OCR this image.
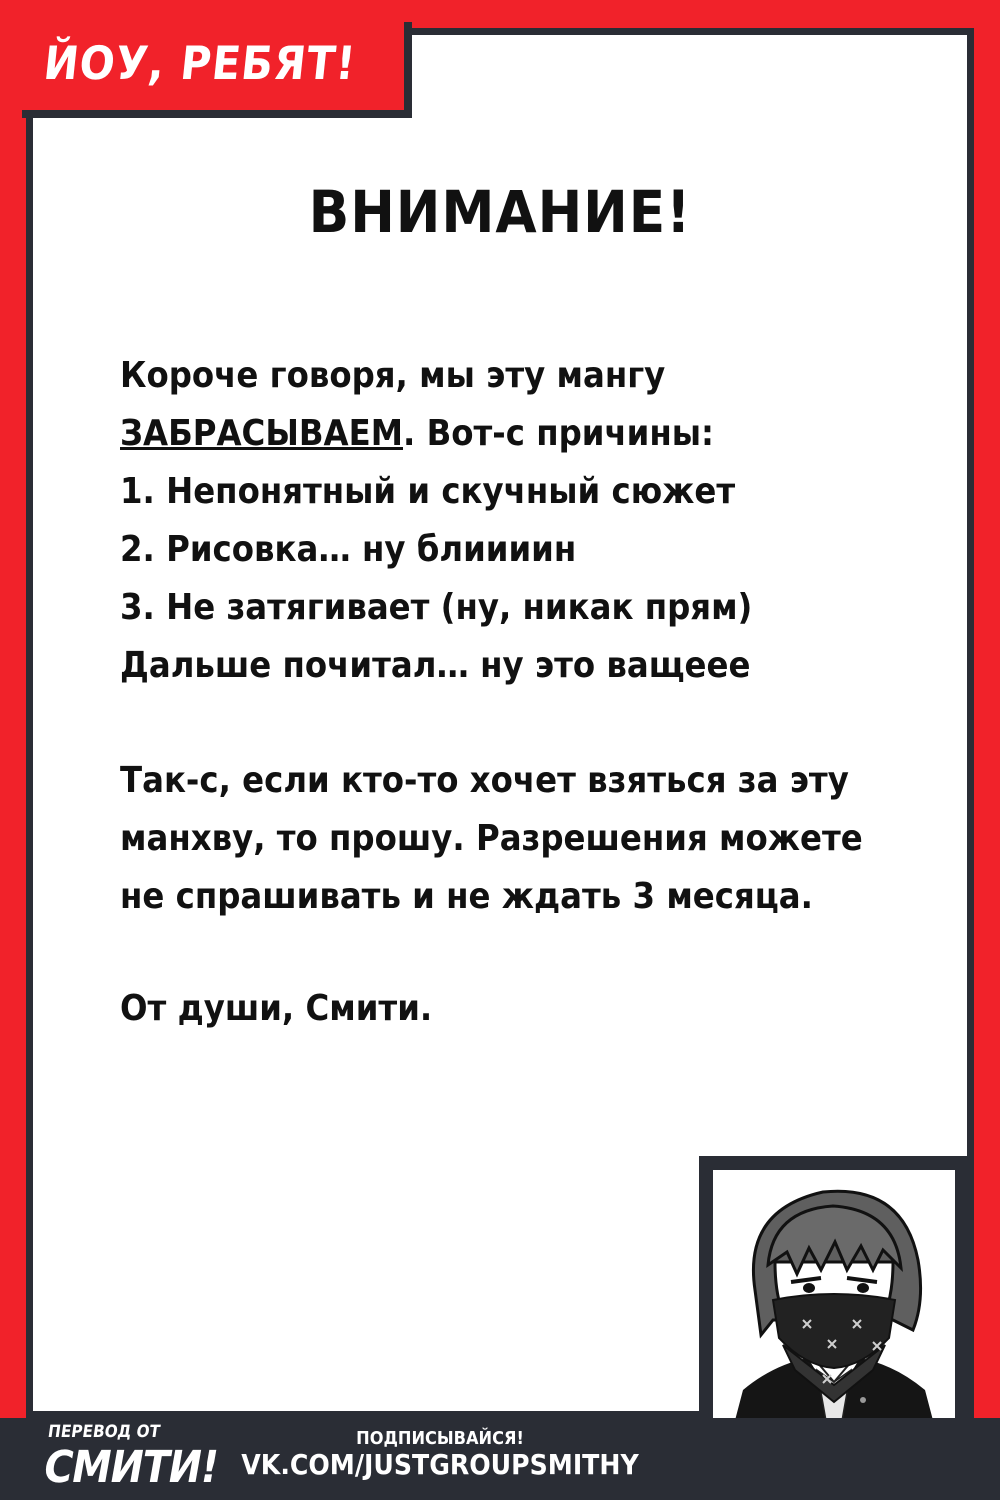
ЙОУ, РЕБЯТ!
ВНИМАНИЕ!
Короче говоря, мы эту мангу
ЗАБРАСЫВАЕМ. Вот-с причины:
1. Непонятный и скучный сюжет
2. Рисовка… ну блиииин
3. Не затягивает (ну, никак прям)
Дальше почитал… ну это ващеее
Так-с, если кто-то хочет взяться за эту
манхву, то прошу. Разрешения можете
не спрашивать и не ждать 3 месяца.
От души, Смити.
ПЕРЕВОД ОТ
СМИТИ!
ПОДПИСЫВАЙСЯ!
VK.COM/JUSTGROUPSMITHY
